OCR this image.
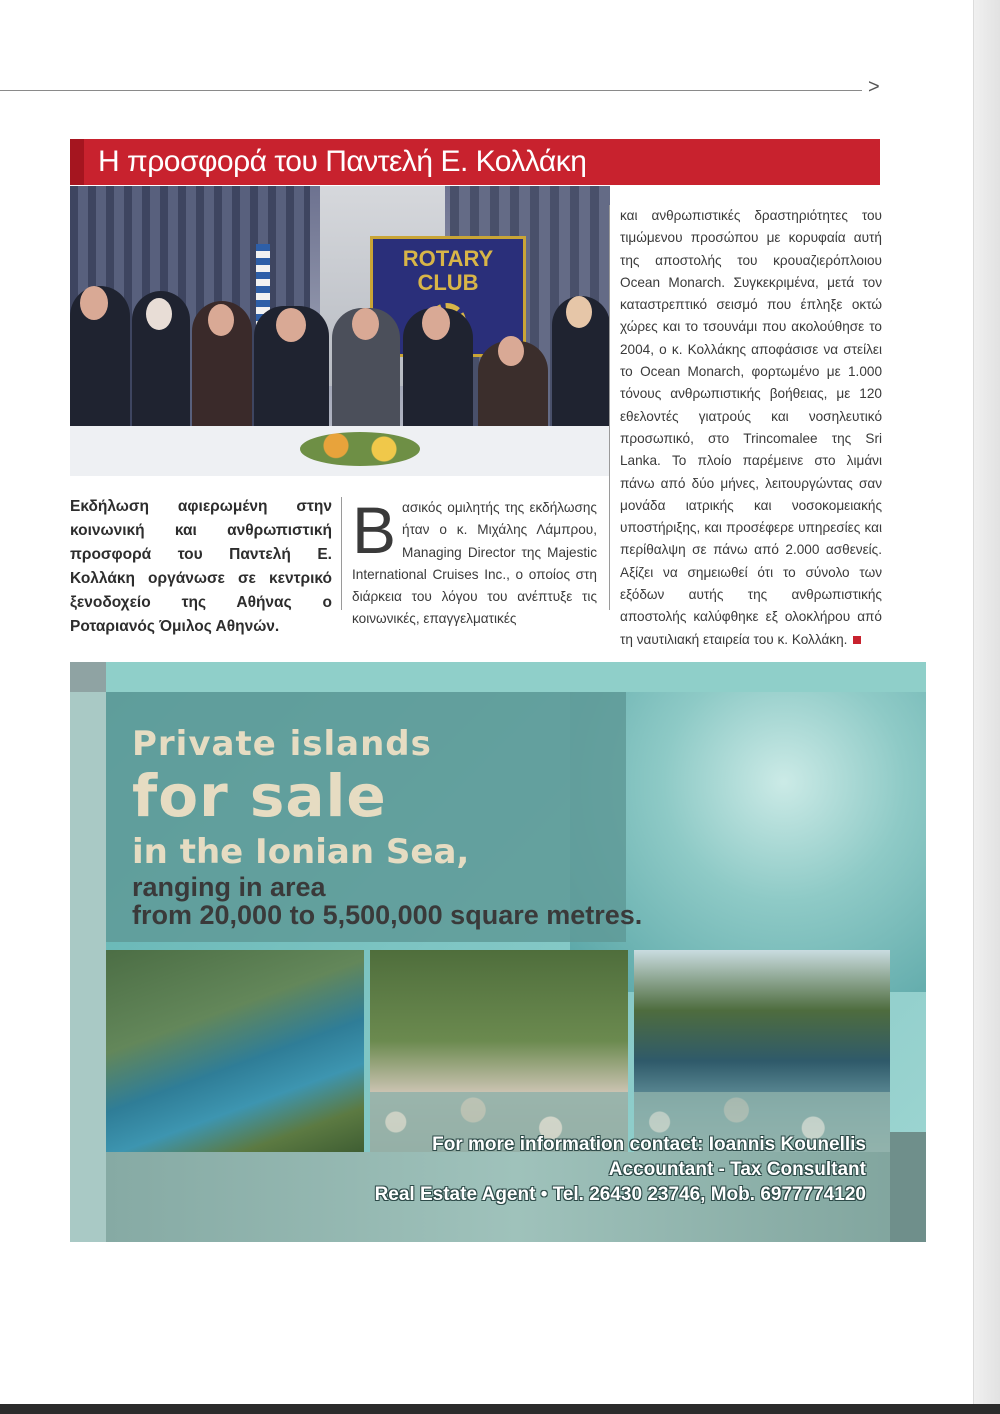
>
Η προσφορά του Παντελή Ε. Κολλάκη
ROTARY
CLUB
Εκδήλωση αφιερωμένη στην κοινωνική και ανθρωπιστική προσφορά του Παντελή Ε. Κολλάκη οργάνωσε σε κεντρικό ξενοδοχείο της Αθήνας ο Ροταριανός Όμιλος Αθηνών.
Β ασικός ομιλητής της εκδήλωσης ήταν ο κ. Μιχάλης Λάμπρου, Managing Director της Majestic International Cruises Inc., ο οποίος στη διάρκεια του λόγου του ανέπτυξε τις κοινωνικές, επαγγελματικές
και ανθρωπιστικές δραστηριότητες του τιμώμενου προσώπου με κορυφαία αυτή της αποστολής του κρουαζιερόπλοιου Ocean Monarch. Συγκεκριμένα, μετά τον καταστρεπτικό σεισμό που έπληξε οκτώ χώρες και το τσουνάμι που ακολούθησε το 2004, ο κ. Κολλάκης αποφάσισε να στείλει το Ocean Monarch, φορτωμένο με 1.000 τόνους ανθρωπιστικής βοήθειας, με 120 εθελοντές γιατρούς και νοσηλευτικό προσωπικό, στο Trincomalee της Sri Lanka. Το πλοίο παρέμεινε στο λιμάνι πάνω από δύο μήνες, λειτουργώντας σαν μονάδα ιατρικής και νοσοκομειακής υποστήριξης, και προσέφερε υπηρεσίες και περίθαλψη σε πάνω από 2.000 ασθενείς. Αξίζει να σημειωθεί ότι το σύνολο των εξόδων αυτής της ανθρωπιστικής αποστολής καλύφθηκε εξ ολοκλήρου από τη ναυτιλιακή εταιρεία του κ. Κολλάκη.
Private islands
for sale
in the Ionian Sea,
ranging in area
from 20,000 to 5,500,000 square metres.
For more information contact: Ioannis Kounellis
Accountant - Tax Consultant
Real Estate Agent • Tel. 26430 23746, Mob. 6977774120
